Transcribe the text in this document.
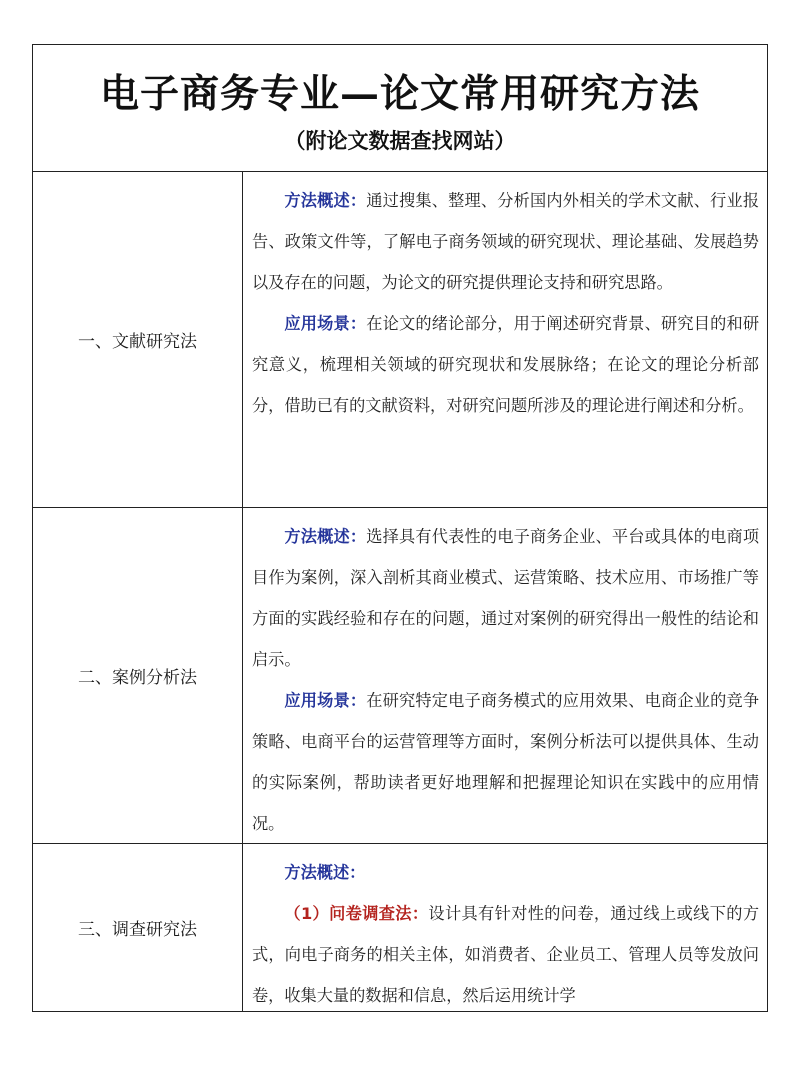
电子商务专业—论文常用研究方法
（附论文数据查找网站）
一、文献研究法

方法概述：通过搜集、整理、分析国内外相关的学术文献、行业报告、政策文件等，了解电子商务领域的研究现状、理论基础、发展趋势以及存在的问题，为论文的研究提供理论支持和研究思路。

应用场景：在论文的绪论部分，用于阐述研究背景、研究目的和研究意义，梳理相关领域的研究现状和发展脉络；在论文的理论分析部分，借助已有的文献资料，对研究问题所涉及的理论进行阐述和分析。

二、案例分析法

方法概述：选择具有代表性的电子商务企业、平台或具体的电商项目作为案例，深入剖析其商业模式、运营策略、技术应用、市场推广等方面的实践经验和存在的问题，通过对案例的研究得出一般性的结论和启示。

应用场景：在研究特定电子商务模式的应用效果、电商企业的竞争策略、电商平台的运营管理等方面时，案例分析法可以提供具体、生动的实际案例，帮助读者更好地理解和把握理论知识在实践中的应用情况。

三、调查研究法

方法概述：

（1）问卷调查法：设计具有针对性的问卷，通过线上或线下的方式，向电子商务的相关主体，如消费者、企业员工、管理人员等发放问卷，收集大量的数据和信息，然后运用统计学
